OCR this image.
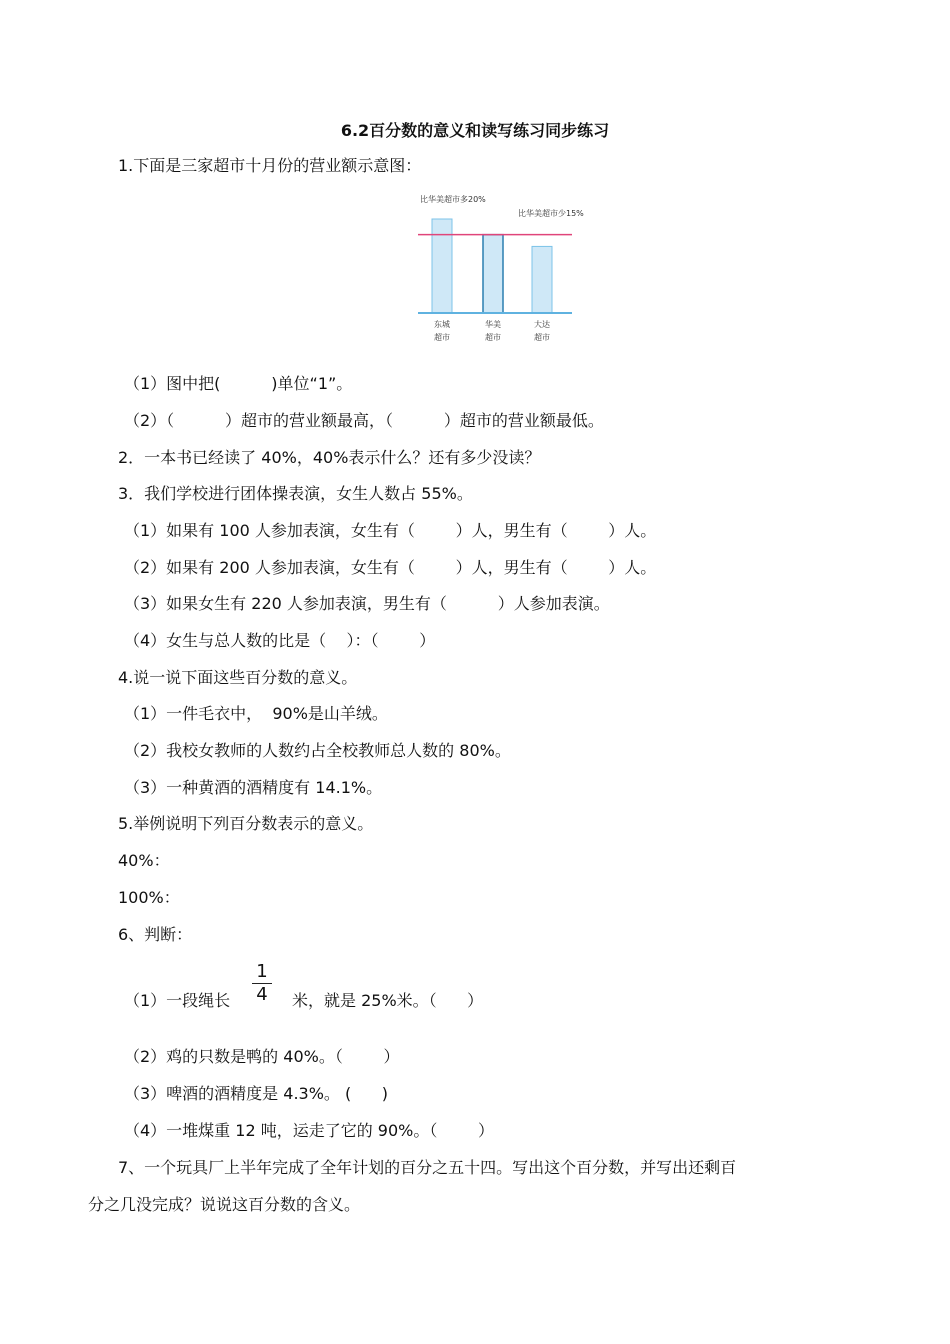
6.2百分数的意义和读写练习同步练习
1.下面是三家超市十月份的营业额示意图：
比华美超市多20%
比华美超市少15%
东城
超市
华美
超市
大达
超市
（1）图中把(          )单位“1”。
（2）（          ）超市的营业额最高，（          ）超市的营业额最低。
2．一本书已经读了 40%，40%表示什么？还有多少没读？
3．我们学校进行团体操表演，女生人数占 55%。
（1）如果有 100 人参加表演，女生有（        ）人，男生有（        ）人。
（2）如果有 200 人参加表演，女生有（        ）人，男生有（        ）人。
（3）如果女生有 220 人参加表演，男生有（          ）人参加表演。
（4）女生与总人数的比是（    ）：（        ）
4.说一说下面这些百分数的意义。
（1）一件毛衣中，  90%是山羊绒。
（2）我校女教师的人数约占全校教师总人数的 80%。
（3）一种黄酒的酒精度有 14.1%。
5.举例说明下列百分数表示的意义。
40%：
100%：
6、判断：
（1）一段绳长
1
4 米，就是 25%米。（      ）
（2）鸡的只数是鸭的 40%。（        ）
（3）啤酒的酒精度是 4.3%。 (      )
（4）一堆煤重 12 吨，运走了它的 90%。（        ）
7、一个玩具厂上半年完成了全年计划的百分之五十四。写出这个百分数，并写出还剩百
分之几没完成？说说这百分数的含义。
